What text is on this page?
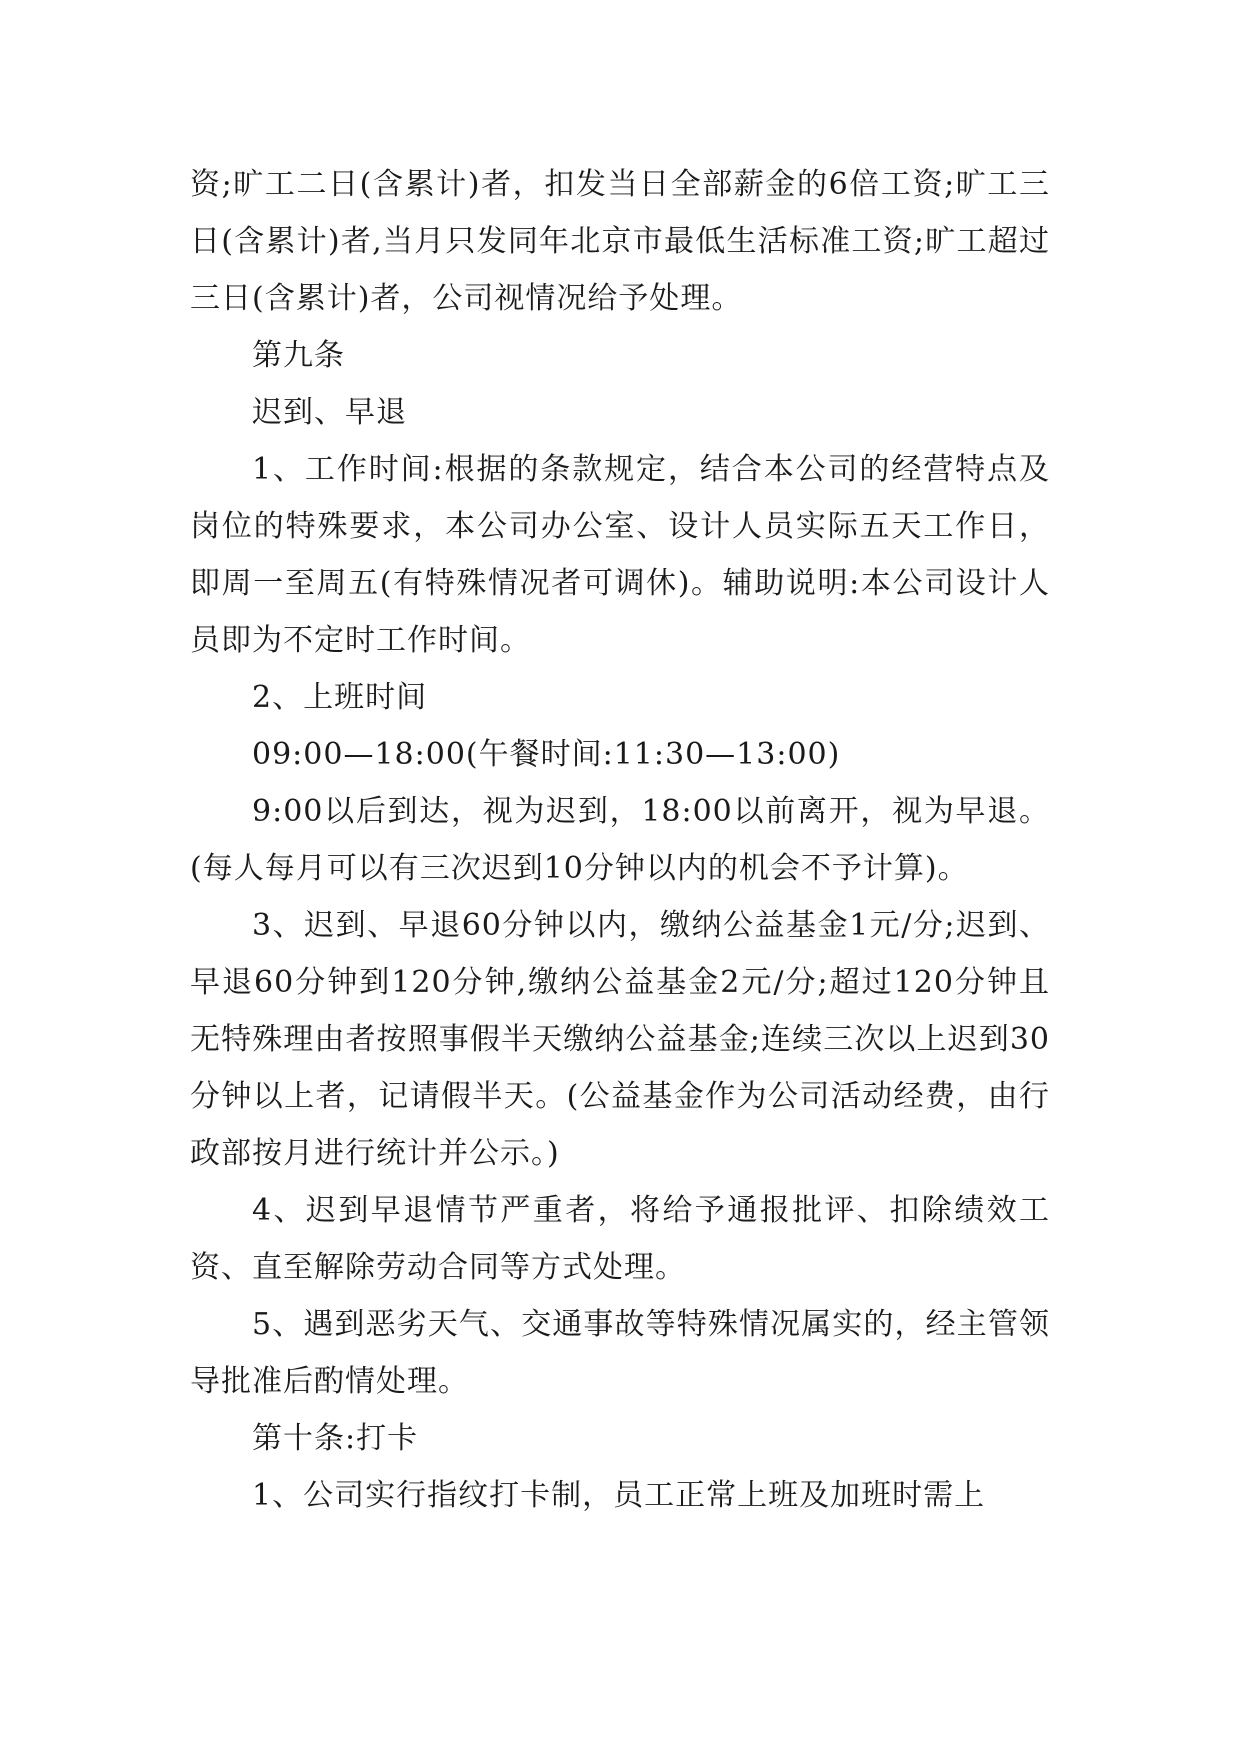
资;旷工二日(含累计)者，扣发当日全部薪金的6倍工资;旷工三日(含累计)者,当月只发同年北京市最低生活标准工资;旷工超过三日(含累计)者，公司视情况给予处理。

第九条

迟到、早退

1、工作时间:根据的条款规定，结合本公司的经营特点及岗位的特殊要求，本公司办公室、设计人员实际五天工作日，即周一至周五(有特殊情况者可调休)。辅助说明:本公司设计人员即为不定时工作时间。

2、上班时间

09:00—18:00(午餐时间:11:30—13:00)

9:00以后到达，视为迟到，18:00以前离开，视为早退。(每人每月可以有三次迟到10分钟以内的机会不予计算)。

3、迟到、早退60分钟以内，缴纳公益基金1元/分;迟到、早退60分钟到120分钟,缴纳公益基金2元/分;超过120分钟且无特殊理由者按照事假半天缴纳公益基金;连续三次以上迟到30分钟以上者，记请假半天。(公益基金作为公司活动经费，由行政部按月进行统计并公示。)

4、迟到早退情节严重者，将给予通报批评、扣除绩效工资、直至解除劳动合同等方式处理。

5、遇到恶劣天气、交通事故等特殊情况属实的，经主管领导批准后酌情处理。

第十条:打卡

1、公司实行指纹打卡制，员工正常上班及加班时需上
